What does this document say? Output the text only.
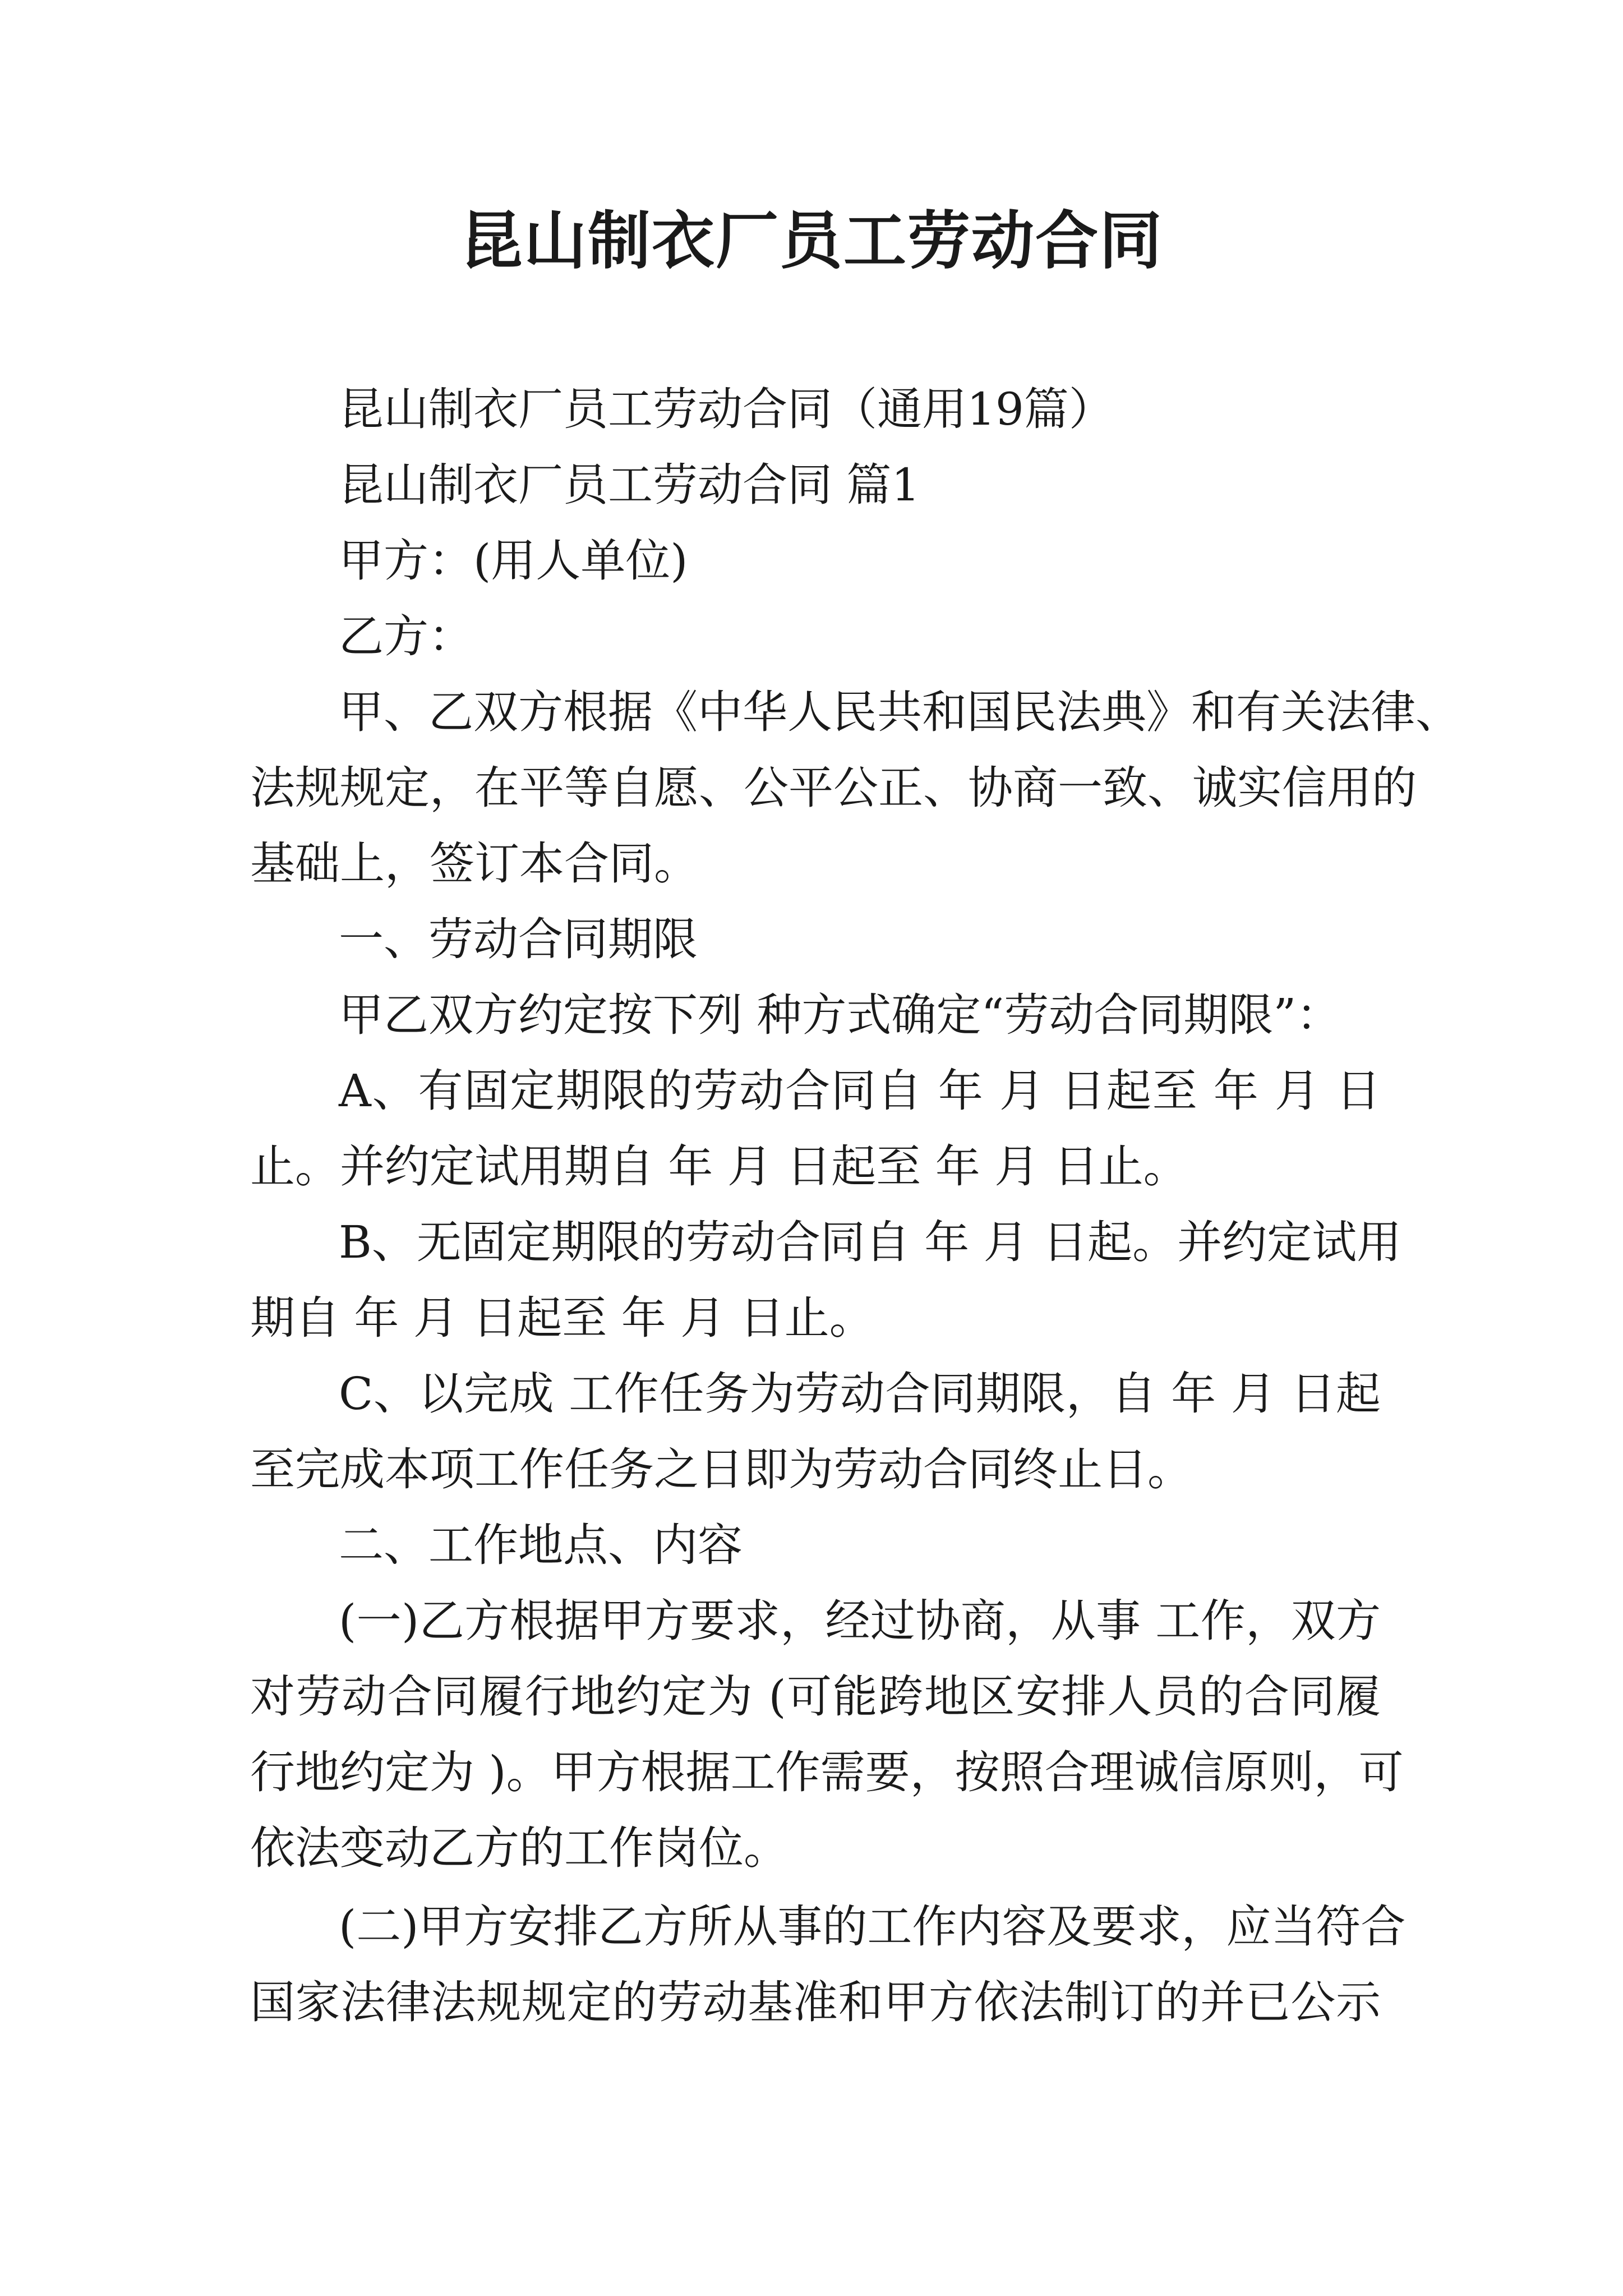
昆山制衣厂员工劳动合同
昆山制衣厂员工劳动合同（通用19篇）
昆山制衣厂员工劳动合同 篇1
甲方：(用人单位)
乙方：
甲、乙双方根据《中华人民共和国民法典》和有关法律、
法规规定，在平等自愿、公平公正、协商一致、诚实信用的
基础上，签订本合同。
一、劳动合同期限
甲乙双方约定按下列 种方式确定“劳动合同期限”：
A、有固定期限的劳动合同自 年 月 日起至 年 月 日
止。并约定试用期自 年 月 日起至 年 月 日止。
B、无固定期限的劳动合同自 年 月 日起。并约定试用
期自 年 月 日起至 年 月 日止。
C、以完成 工作任务为劳动合同期限，自 年 月 日起
至完成本项工作任务之日即为劳动合同终止日。
二、工作地点、内容
(一)乙方根据甲方要求，经过协商，从事 工作，双方
对劳动合同履行地约定为 (可能跨地区安排人员的合同履
行地约定为 )。甲方根据工作需要，按照合理诚信原则，可
依法变动乙方的工作岗位。
(二)甲方安排乙方所从事的工作内容及要求，应当符合
国家法律法规规定的劳动基准和甲方依法制订的并已公示
